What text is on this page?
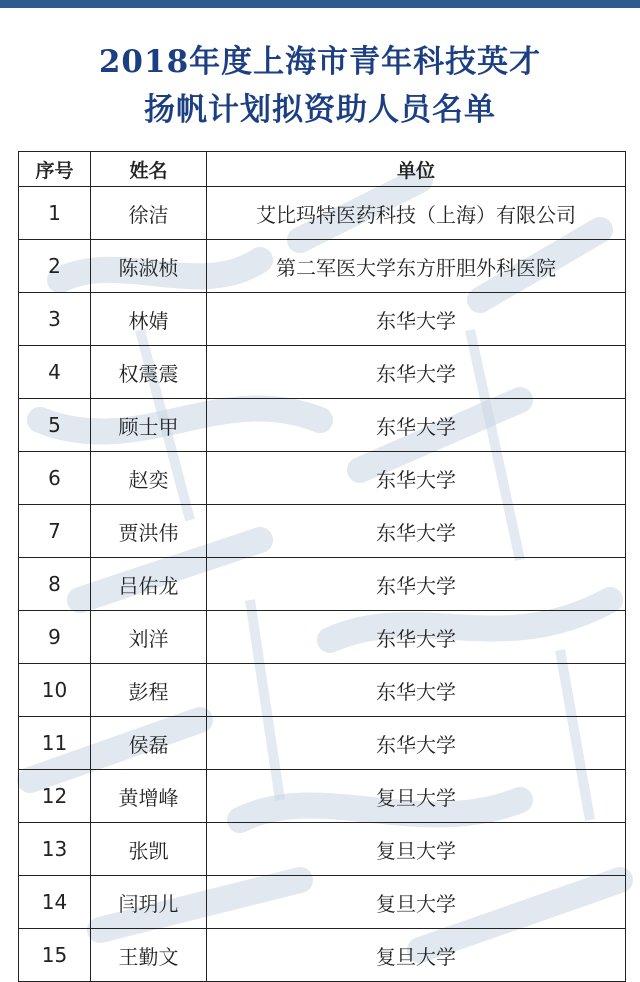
2018年度上海市青年科技英才
扬帆计划拟资助人员名单
序号	姓名	单位
1	徐洁	艾比玛特医药科技（上海）有限公司
2	陈淑桢	第二军医大学东方肝胆外科医院
3	林婧	东华大学
4	权震震	东华大学
5	顾士甲	东华大学
6	赵奕	东华大学
7	贾洪伟	东华大学
8	吕佑龙	东华大学
9	刘洋	东华大学
10	彭程	东华大学
11	侯磊	东华大学
12	黄增峰	复旦大学
13	张凯	复旦大学
14	闫玥儿	复旦大学
15	王勤文	复旦大学
